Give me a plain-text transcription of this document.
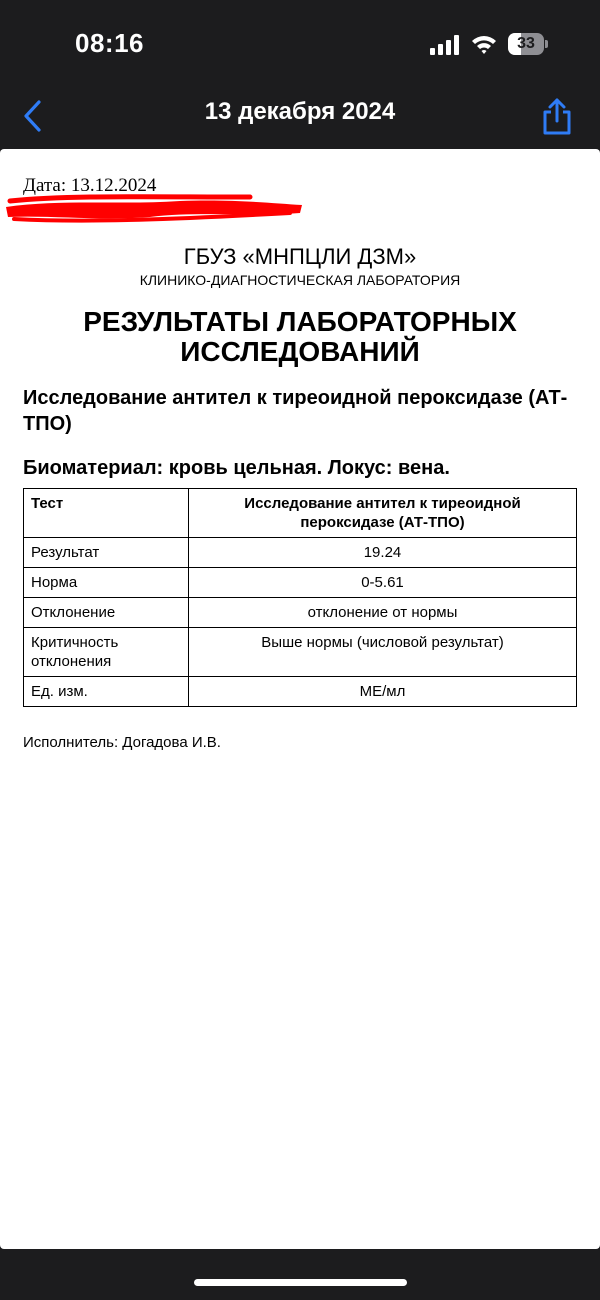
08:16	33
13 декабря 2024
Дата: 13.12.2024
ГБУЗ «МНПЦЛИ ДЗМ»
КЛИНИКО-ДИАГНОСТИЧЕСКАЯ ЛАБОРАТОРИЯ
РЕЗУЛЬТАТЫ ЛАБОРАТОРНЫХ ИССЛЕДОВАНИЙ
Исследование антител к тиреоидной пероксидазе (АТ-ТПО)
Биоматериал: кровь цельная. Локус: вена.
Тест	Исследование антител к тиреоидной пероксидазе (АТ-ТПО)
Результат	19.24
Норма	0-5.61
Отклонение	отклонение от нормы
Критичность отклонения	Выше нормы (числовой результат)
Ед. изм.	МЕ/мл
Исполнитель: Догадова И.В.
